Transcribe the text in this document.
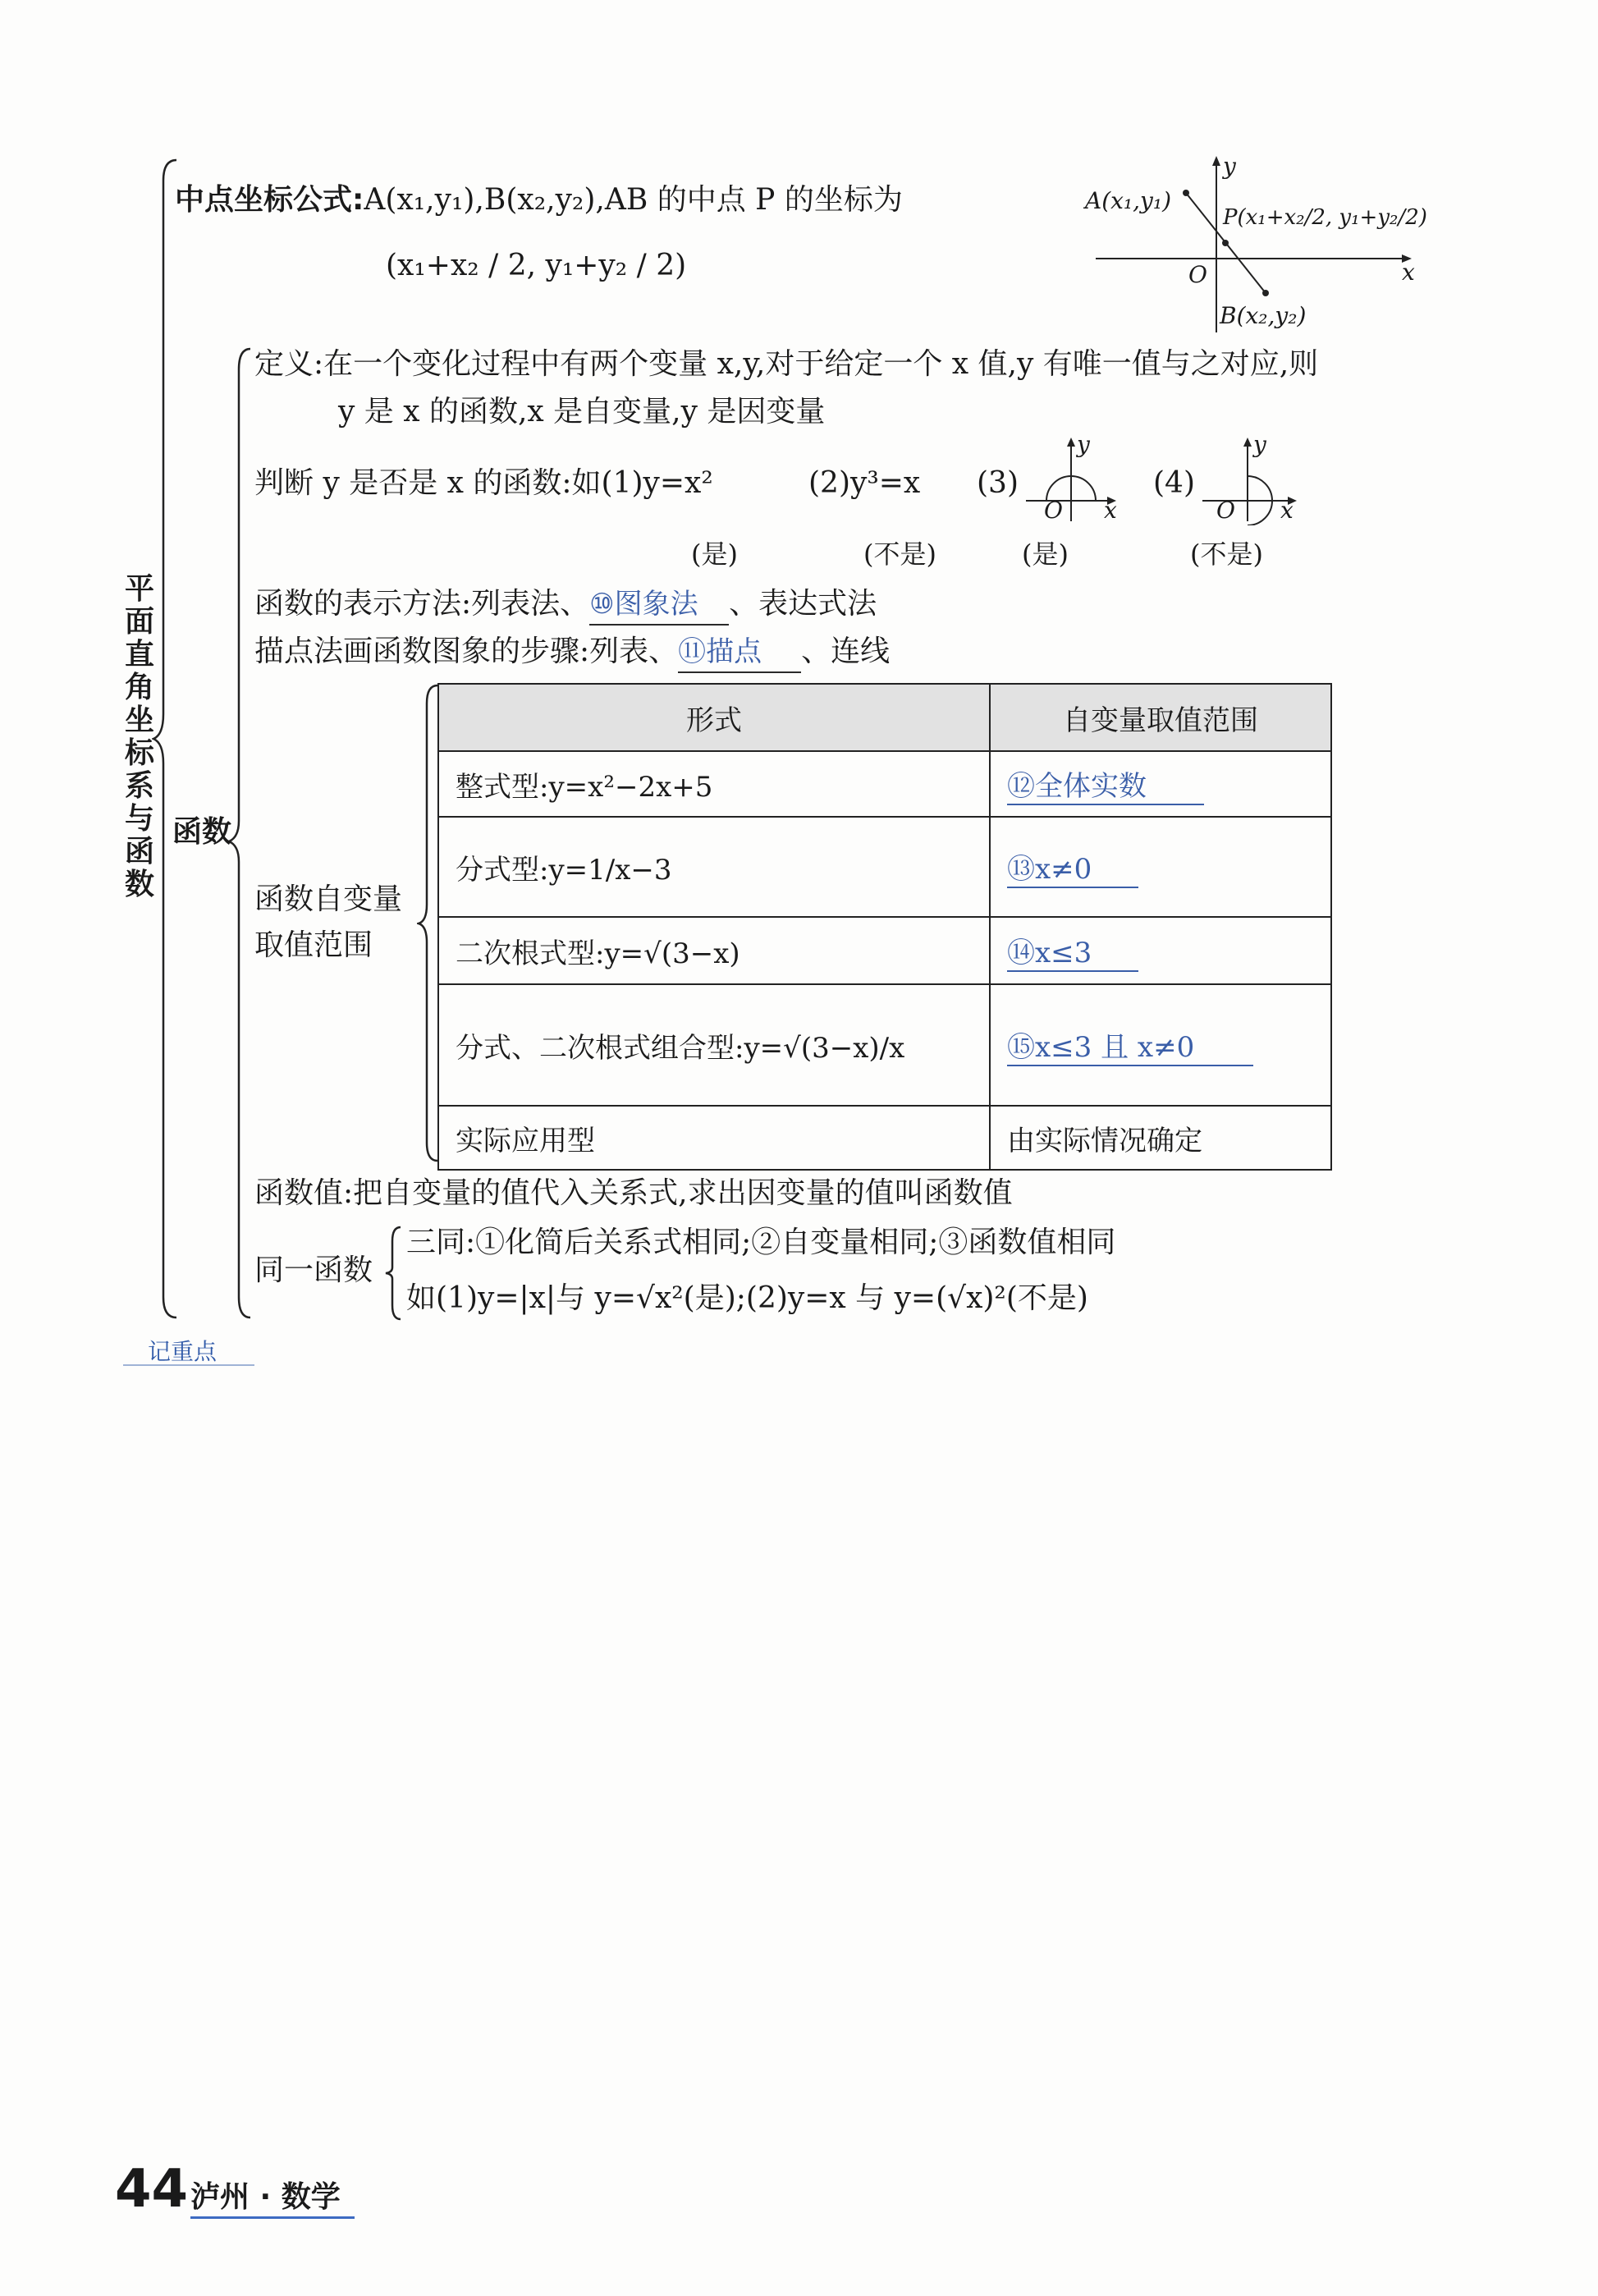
平面直角坐标系与函数
中点坐标公式:A(x₁,y₁),B(x₂,y₂),AB 的中点 P 的坐标为
(x₁+x₂ / 2, y₁+y₂ / 2)
A(x₁,y₁)
P(x₁+x₂/2, y₁+y₂/2)
B(x₂,y₂)
O	x
y
函数
定义:在一个变化过程中有两个变量 x,y,对于给定一个 x 值,y 有唯一值与之对应,则
y 是 x 的函数,x 是自变量,y 是因变量
判断 y 是否是 x 的函数:如(1)y=x²	(2)y³=x (3)	(4)
O x
y
O x
y
(是)	(不是)	(是)	(不是)
函数的表示方法:列表法、⑩图象法 、表达式法
描点法画函数图象的步骤:列表、⑪描点 、连线
函数自变量
取值范围
形式	自变量取值范围
整式型:y=x²−2x+5	⑫全体实数
分式型:y=1/x−3	⑬x≠0
二次根式型:y=√(3−x)	⑭x≤3
分式、二次根式组合型:y=√(3−x)/x	⑮x≤3 且 x≠0
实际应用型	由实际情况确定
函数值:把自变量的值代入关系式,求出因变量的值叫函数值
同一函数
三同:①化简后关系式相同;②自变量相同;③函数值相同
如(1)y=|x|与 y=√x²(是);(2)y=x 与 y=(√x)²(不是)
记重点
44 泸州 · 数学
